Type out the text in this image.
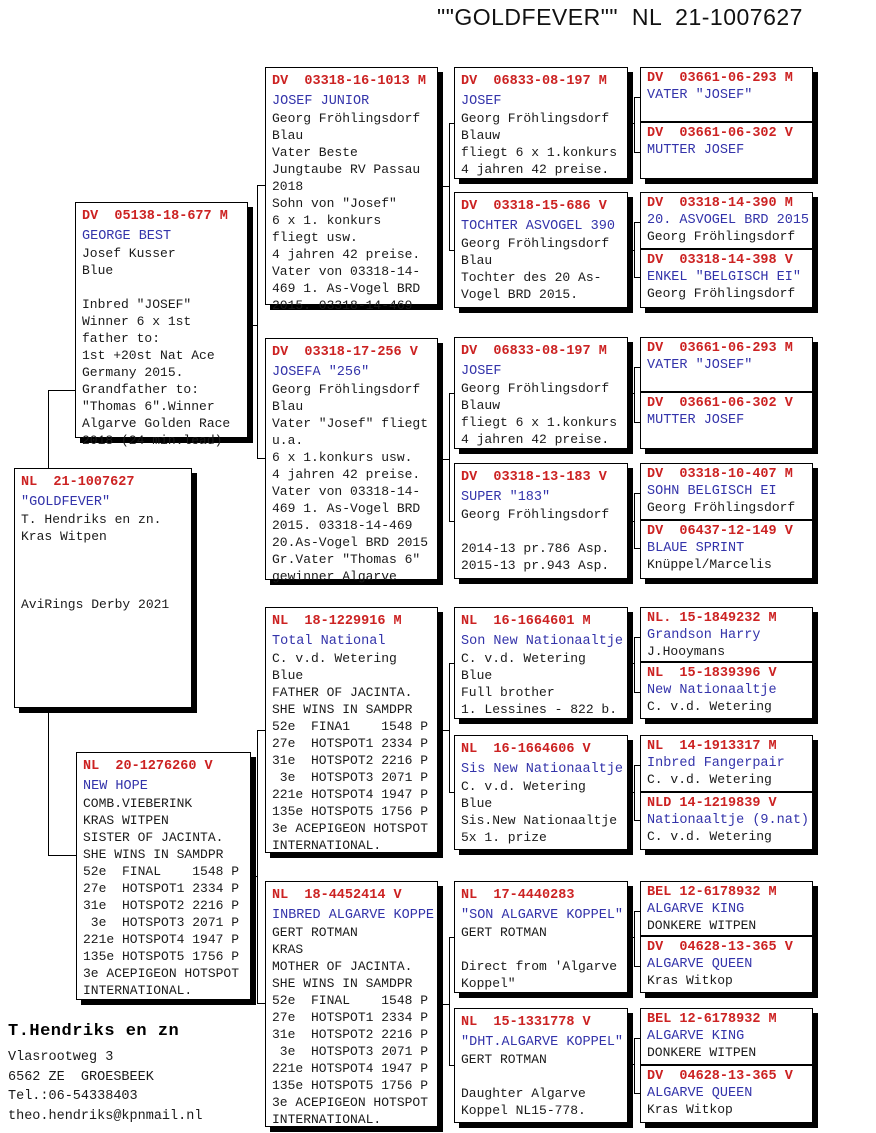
""GOLDFEVER""  NL  21-1007627
DV  05138-18-677 M
GEORGE BEST
Josef Kusser
Blue
Inbred "JOSEF"
Winner 6 x 1st
father to:
1st +20st Nat Ace
Germany 2015.
Grandfather to:
"Thomas 6".Winner
Algarve Golden Race
2018 (24 min.lead)
NL  21-1007627
"GOLDFEVER"
T. Hendriks en zn.
Kras Witpen
AviRings Derby 2021
NL  20-1276260 V
NEW HOPE
COMB.VIEBERINK
KRAS WITPEN
SISTER OF JACINTA.
SHE WINS IN SAMDPR
52e  FINAL    1548 P
27e  HOTSPOT1 2334 P
31e  HOTSPOT2 2216 P
3e  HOTSPOT3 2071 P
221e HOTSPOT4 1947 P
135e HOTSPOT5 1756 P
3e ACEPIGEON HOTSPOT
INTERNATIONAL.
DV  03318-16-1013 M
JOSEF JUNIOR
Georg Fröhlingsdorf
Blau
Vater Beste
Jungtaube RV Passau
2018
Sohn von "Josef"
6 x 1. konkurs
fliegt usw.
4 jahren 42 preise.
Vater von 03318-14-
469 1. As-Vogel BRD
2015. 03318-14-469
DV  03318-17-256 V
JOSEFA "256"
Georg Fröhlingsdorf
Blau
Vater "Josef" fliegt
u.a.
6 x 1.konkurs usw.
4 jahren 42 preise.
Vater von 03318-14-
469 1. As-Vogel BRD
2015. 03318-14-469
20.As-Vogel BRD 2015
Gr.Vater "Thomas 6"
gewinner Algarve
NL  18-1229916 M
Total National
C. v.d. Wetering
Blue
FATHER OF JACINTA.
SHE WINS IN SAMDPR
52e  FINA1    1548 P
27e  HOTSPOT1 2334 P
31e  HOTSPOT2 2216 P
3e  HOTSPOT3 2071 P
221e HOTSPOT4 1947 P
135e HOTSPOT5 1756 P
3e ACEPIGEON HOTSPOT
INTERNATIONAL.
NL  18-4452414 V
INBRED ALGARVE KOPPE
GERT ROTMAN
KRAS
MOTHER OF JACINTA.
SHE WINS IN SAMDPR
52e  FINAL    1548 P
27e  HOTSPOT1 2334 P
31e  HOTSPOT2 2216 P
3e  HOTSPOT3 2071 P
221e HOTSPOT4 1947 P
135e HOTSPOT5 1756 P
3e ACEPIGEON HOTSPOT
INTERNATIONAL.
DV  06833-08-197 M
JOSEF
Georg Fröhlingsdorf
Blauw
fliegt 6 x 1.konkurs
4 jahren 42 preise.
DV  03318-15-686 V
TOCHTER ASVOGEL 390
Georg Fröhlingsdorf
Blau
Tochter des 20 As-
Vogel BRD 2015.
DV  06833-08-197 M
JOSEF
Georg Fröhlingsdorf
Blauw
fliegt 6 x 1.konkurs
4 jahren 42 preise.
DV  03318-13-183 V
SUPER "183"
Georg Fröhlingsdorf
2014-13 pr.786 Asp.
2015-13 pr.943 Asp.
NL  16-1664601 M
Son New Nationaaltje
C. v.d. Wetering
Blue
Full brother
1. Lessines - 822 b.
NL  16-1664606 V
Sis New Nationaaltje
C. v.d. Wetering
Blue
Sis.New Nationaaltje
5x 1. prize
NL  17-4440283
"SON ALGARVE KOPPEL"
GERT ROTMAN
Direct from 'Algarve
Koppel"
NL  15-1331778 V
"DHT.ALGARVE KOPPEL"
GERT ROTMAN
Daughter Algarve
Koppel NL15-778.
DV  03661-06-293 M
VATER "JOSEF"
DV  03661-06-302 V
MUTTER JOSEF
DV  03318-14-390 M
20. ASVOGEL BRD 2015
Georg Fröhlingsdorf
DV  03318-14-398 V
ENKEL "BELGISCH EI"
Georg Fröhlingsdorf
DV  03661-06-293 M
VATER "JOSEF"
DV  03661-06-302 V
MUTTER JOSEF
DV  03318-10-407 M
SOHN BELGISCH EI
Georg Fröhlingsdorf
DV  06437-12-149 V
BLAUE SPRINT
Knüppel/Marcelis
NL. 15-1849232 M
Grandson Harry
J.Hooymans
NL  15-1839396 V
New Nationaaltje
C. v.d. Wetering
NL  14-1913317 M
Inbred Fangerpair
C. v.d. Wetering
NLD 14-1219839 V
Nationaaltje (9.nat)
C. v.d. Wetering
BEL 12-6178932 M
ALGARVE KING
DONKERE WITPEN
DV  04628-13-365 V
ALGARVE QUEEN
Kras Witkop
BEL 12-6178932 M
ALGARVE KING
DONKERE WITPEN
DV  04628-13-365 V
ALGARVE QUEEN
Kras Witkop
T.Hendriks en zn
Vlasrootweg 3
6562 ZE  GROESBEEK
Tel.:06-54338403
theo.hendriks@kpnmail.nl
